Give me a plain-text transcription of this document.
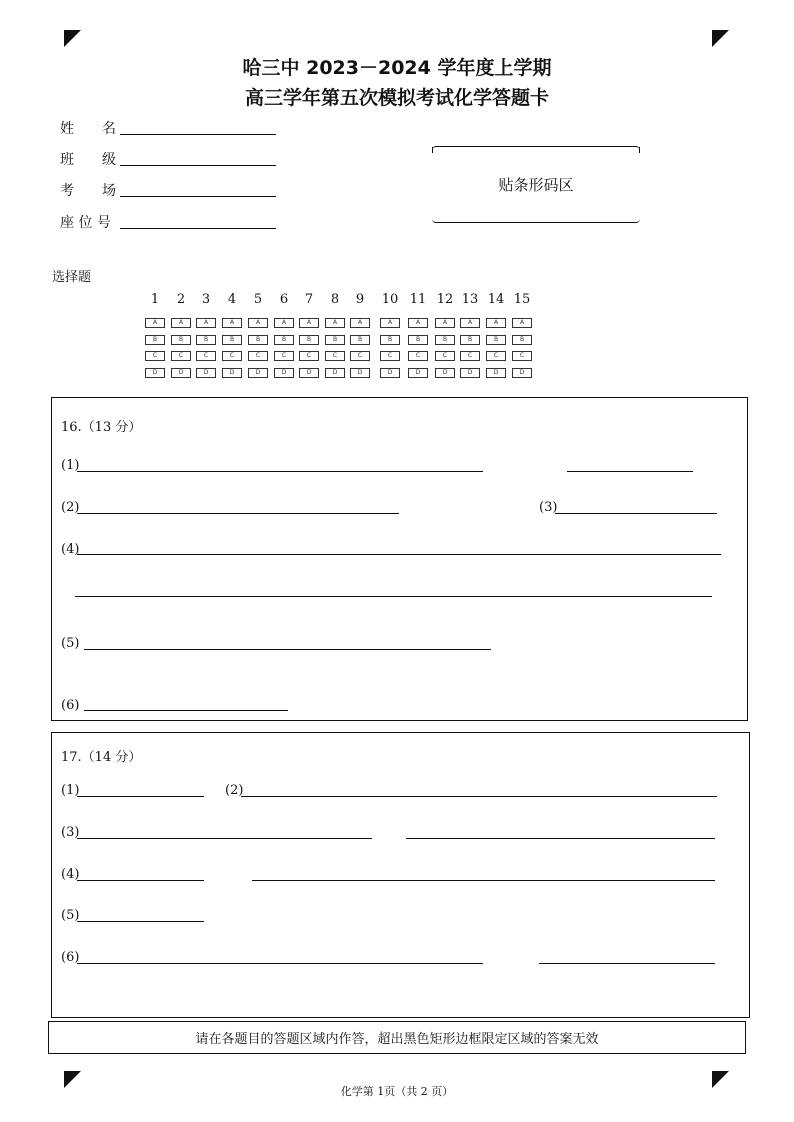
哈三中 2023－2024 学年度上学期
高三学年第五次模拟考试化学答题卡
姓　　名
班　　级
考　　场
座 位 号
贴条形码区
选择题
1
A
B
C
D
2
A
B
C
D
3
A
B
C
D
4
A
B
C
D
5
A
B
C
D
6
A
B
C
D
7
A
B
C
D
8
A
B
C
D
9
A
B
C
D
10
A
B
C
D
11
A
B
C
D
12
A
B
C
D
13
A
B
C
D
14
A
B
C
D
15
A
B
C
D
16.（13 分）
(1)
(2)	(3)
(4)
(5)
(6)
17.（14 分）
(1)	(2)
(3)
(4)
(5)
(6)
请在各题目的答题区域内作答，超出黑色矩形边框限定区域的答案无效
化学第 1页（共 2 页）
